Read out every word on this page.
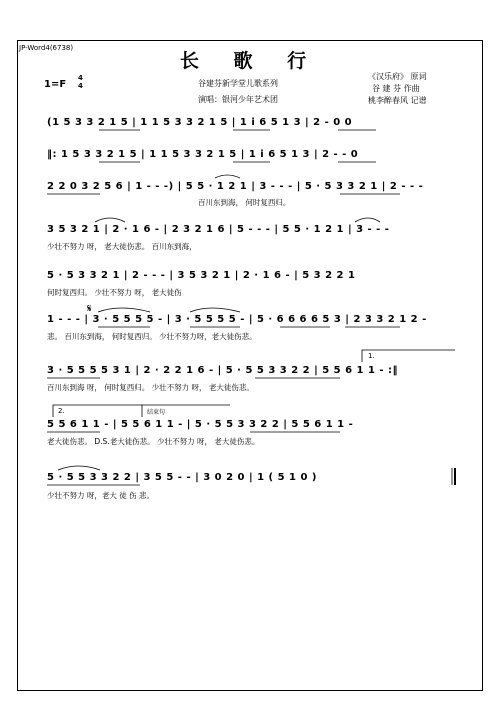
JP-Word4(6738)
长 歌 行
1=F
4
4	谷建芬新学堂儿歌系列
演唱：银河少年艺术团
《汉乐府》 原词
谷 建 芬 作曲
桃李醉春风 记谱
(1 5 3 3 2 1 5 | 1 1 5 3 3 2 1 5 | 1 i 6 5 1 3 | 2 - 0 0
‖: 1 5 3 3 2 1 5 | 1 1 5 3 3 2 1 5 | 1 i 6 5 1 3 | 2 - - 0
2 2 0 3 2 5 6 | 1 - - -) | 5 5 · 1 2 1 | 3 - - - | 5 · 5 3 3 2 1 | 2 - - -
百川东到海， 何时复西归。
3 5 3 2 1 | 2 · 1 6 - | 2 3 2 1 6 | 5 - - - | 5 5 · 1 2 1 | 3 - - -
少壮不努力 呀， 老大徒伤悲。 百川东到海，
5 · 5 3 3 2 1 | 2 - - - | 3 5 3 2 1 | 2 · 1 6 - | 5 3 2 2 1
何时复西归。 少壮不努力 呀， 老大徒伤
𝄋
1 - - - | 3 · 5 5 5 5 - | 3 · 5 5 5 5 - | 5 · 6 6 6 6 5 3 | 2 3 3 2 1 2 -
悲。 百川东到海， 何时复西归。 少壮不努力呀，老大徒伤悲。
1.
3 · 5 5 5 5 3 1 | 2 · 2 2 1 6 - | 5 · 5 5 3 3 2 2 | 5 5 6 1 1 - :‖
百川东到海 呀， 何时复西归。 少壮不努力 呀， 老大徒伤悲。
2.	结束句
5 5 6 1 1 - | 5 5 6 1 1 - | 5 · 5 5 3 3 2 2 | 5 5 6 1 1 -
老大徒伤悲。 D.S.老大徒伤悲。 少壮不努力 呀， 老大徒伤悲。
5 · 5 5 3 3 2 2 | 3 5 5 - - | 3 0 2 0 | 1 ( 5 1 0 )
少壮不努力 呀，老大 徒 伤 悲。
